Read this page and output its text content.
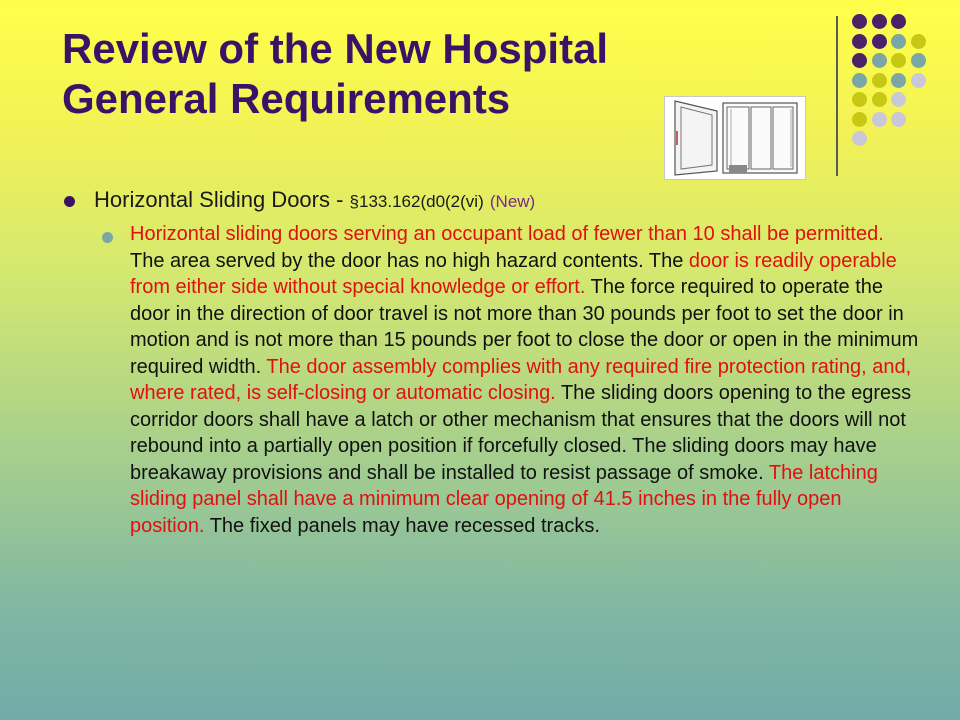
Review of the New Hospital
General Requirements
Horizontal Sliding Doors - §133.162(d0(2(vi) (New)
Horizontal sliding doors serving an occupant load of fewer than 10 shall be permitted. The area served by the door has no high hazard contents. The door is readily operable from either side without special knowledge or effort. The force required to operate the door in the direction of door travel is not more than 30 pounds per foot to set the door in motion and is not more than 15 pounds per foot to close the door or open in the minimum required width. The door assembly complies with any required fire protection rating, and, where rated, is self-closing or automatic closing. The sliding doors opening to the egress corridor doors shall have a latch or other mechanism that ensures that the doors will not rebound into a partially open position if forcefully closed. The sliding doors may have breakaway provisions and shall be installed to resist passage of smoke. The latching sliding panel shall have a minimum clear opening of 41.5 inches in the fully open position. The fixed panels may have recessed tracks.
